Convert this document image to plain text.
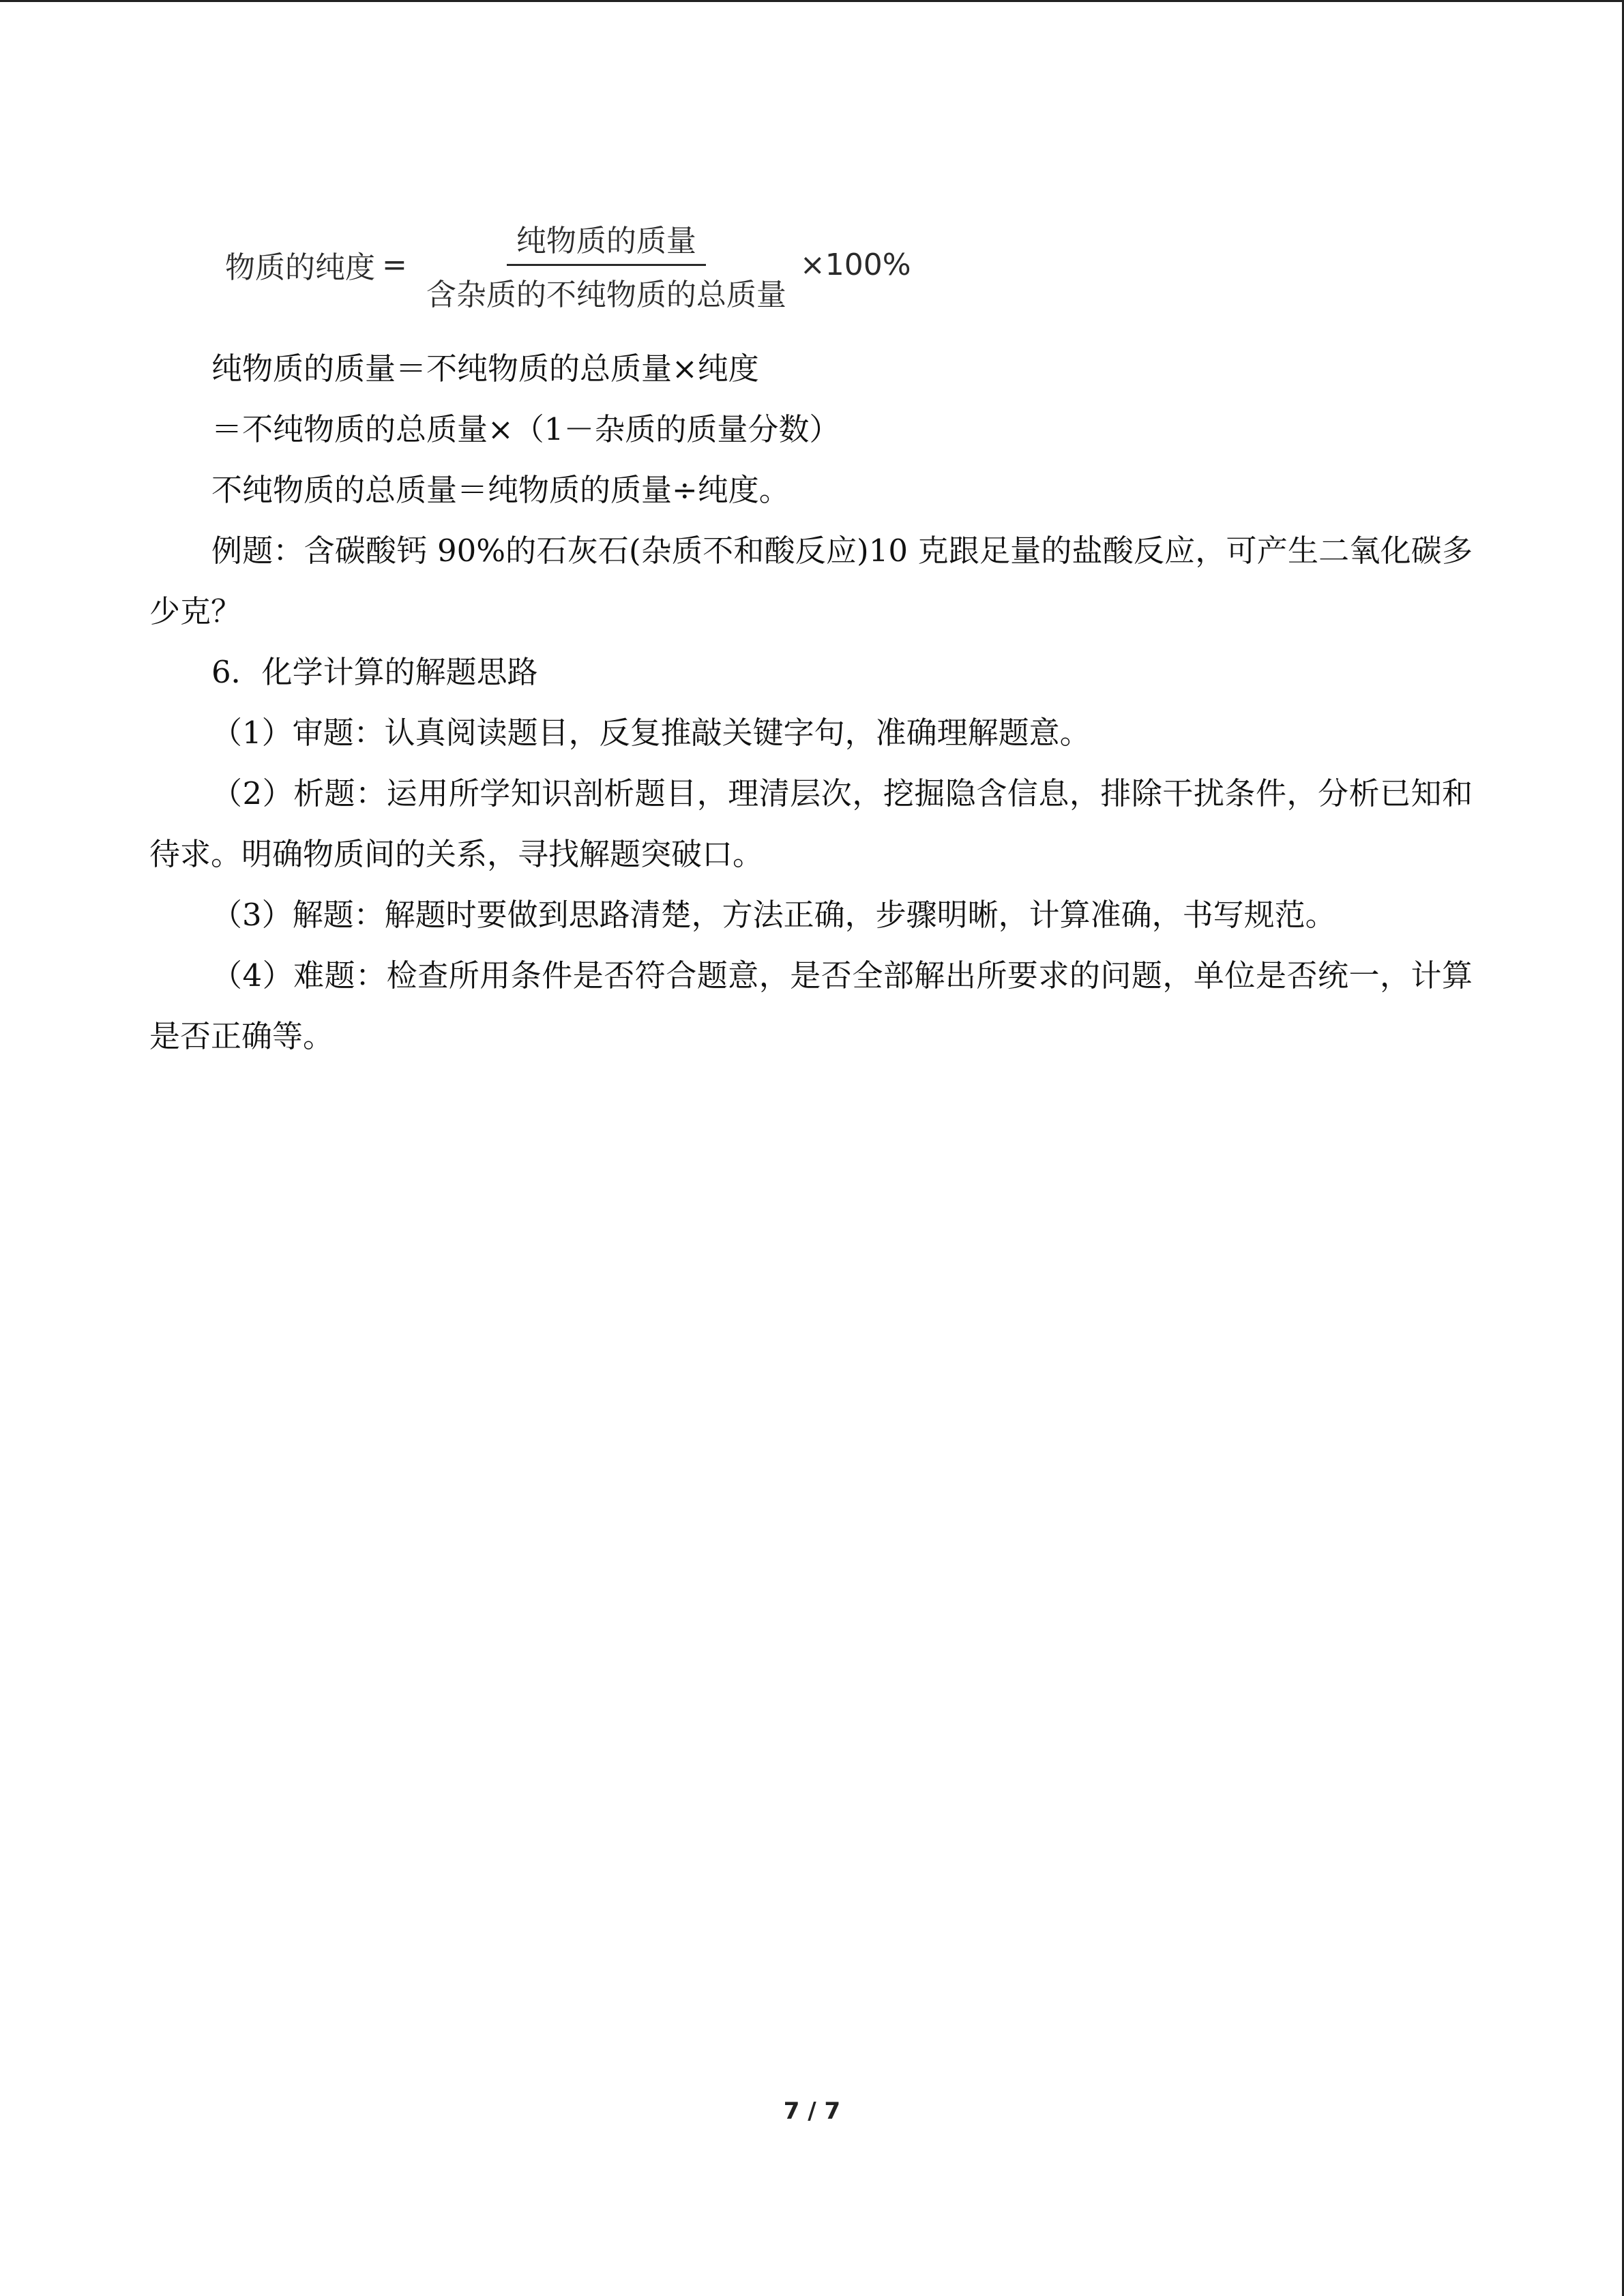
物质的纯度 = $\frac{\text{纯物质的质量}}{\text{含杂质的不纯物质的总质量}} \times 100\%$

纯物质的质量＝不纯物质的总质量×纯度

＝不纯物质的总质量×（1－杂质的质量分数）

不纯物质的总质量＝纯物质的质量÷纯度。

例题：含碳酸钙 90%的石灰石(杂质不和酸反应)10 克跟足量的盐酸反应，可产生二氧化碳多少克？

6．化学计算的解题思路

（1）审题：认真阅读题目，反复推敲关键字句，准确理解题意。

（2）析题：运用所学知识剖析题目，理清层次，挖掘隐含信息，排除干扰条件，分析已知和待求。明确物质间的关系，寻找解题突破口。

（3）解题：解题时要做到思路清楚，方法正确，步骤明晰，计算准确，书写规范。

（4）难题：检查所用条件是否符合题意，是否全部解出所要求的问题，单位是否统一，计算是否正确等。

7 / 7
